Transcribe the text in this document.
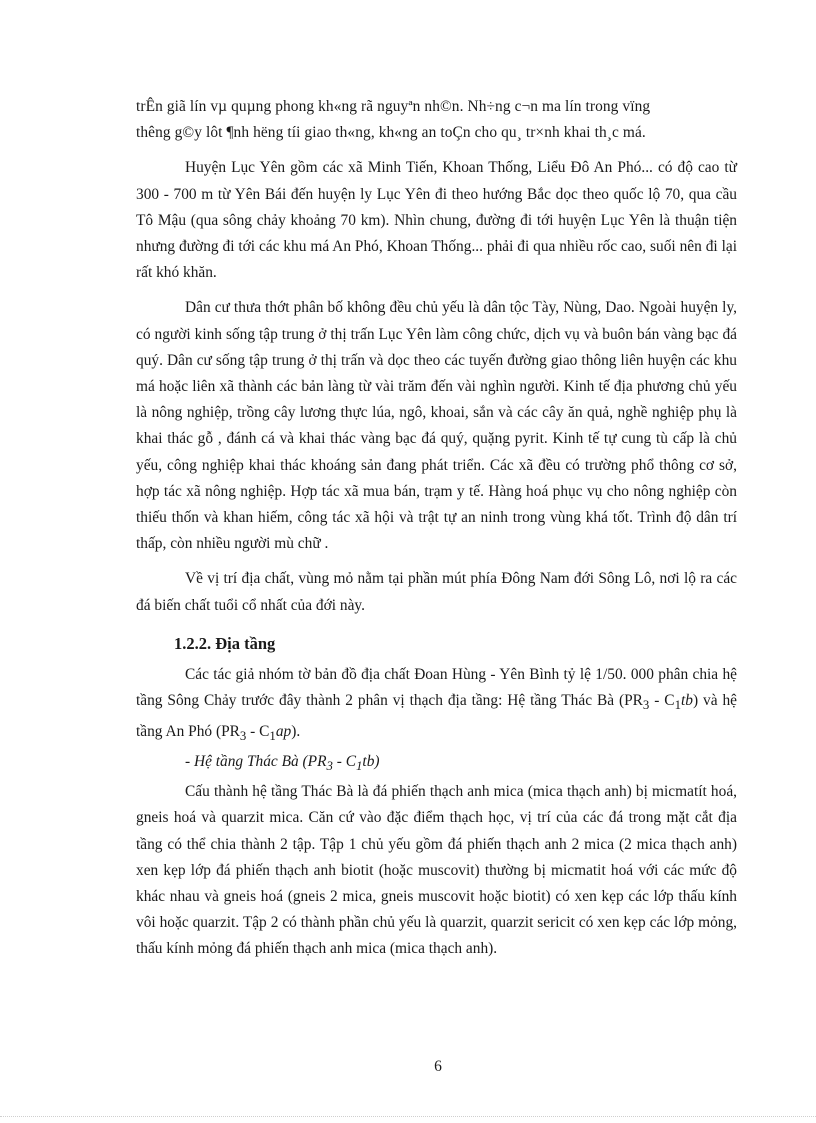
trÊn giã lín vµ quµng phong kh«ng rã nguyªn nh©n. Nh÷ng c¬n ma lín trong vïng
thêng g©y lôt ¶nh hëng tíi giao th«ng, kh«ng an toÇn cho qu¸ tr×nh khai th¸c má.

Huyện Lục Yên gồm các xã Minh Tiến, Khoan Thống, Liểu Đô An Phó... có độ cao từ 300 - 700 m từ Yên Bái đến huyện ly Lục Yên đi theo hướng Bắc dọc theo quốc lộ 70, qua cầu Tô Mậu (qua sông chảy khoảng 70 km). Nhìn chung, đường đi tới huyện Lục Yên là thuận tiện nhưng đường đi tới các khu má An Phó, Khoan Thống... phải đi qua nhiều rốc cao, suối nên đi lại rất khó khăn.

Dân cư thưa thớt phân bố không đều chủ yếu là dân tộc Tày, Nùng, Dao. Ngoài huyện ly, có người kinh sống tập trung ở thị trấn Lục Yên làm công chức, dịch vụ và buôn bán vàng bạc đá quý. Dân cư sống tập trung ở thị trấn và dọc theo các tuyến đường giao thông liên huyện các khu má hoặc liên xã thành các bản làng từ vài trăm đến vài nghìn người. Kinh tế địa phương chủ yếu là nông nghiệp, trồng cây lương thực lúa, ngô, khoai, sắn và các cây ăn quả, nghề nghiệp phụ là khai thác gỗ , đánh cá và khai thác vàng bạc đá quý, quặng pyrit. Kinh tế tự cung tù cấp là chủ yếu, công nghiệp khai thác khoáng sản đang phát triển. Các xã đều có trường phổ thông cơ sở, hợp tác xã nông nghiệp. Hợp tác xã mua bán, trạm y tế. Hàng hoá phục vụ cho nông nghiệp còn thiếu thốn và khan hiếm, công tác xã hội và trật tự an ninh trong vùng khá tốt. Trình độ dân trí thấp, còn nhiều người mù chữ .

Về vị trí địa chất, vùng mỏ nằm tại phần mút phía Đông Nam đới Sông Lô, nơi lộ ra các đá biến chất tuổi cổ nhất của đới này.

1.2.2. Địa tầng

Các tác giả nhóm tờ bản đồ địa chất Đoan Hùng - Yên Bình tỷ lệ 1/50. 000 phân chia hệ tầng Sông Chảy trước đây thành 2 phân vị thạch địa tầng: Hệ tầng Thác Bà $(PR_3 - C_1tb)$ và hệ tầng An Phó $(PR_3 - C_1ap)$.

- Hệ tầng Thác Bà $(PR_3 - C_1tb)$

Cấu thành hệ tầng Thác Bà là đá phiến thạch anh mica (mica thạch anh) bị micmatít hoá, gneis hoá và quarzit mica. Căn cứ vào đặc điểm thạch học, vị trí của các đá trong mặt cắt địa tầng có thể chia thành 2 tập. Tập 1 chủ yếu gồm đá phiến thạch anh 2 mica (2 mica thạch anh) xen kẹp lớp đá phiến thạch anh biotit (hoặc muscovit) thường bị micmatit hoá với các mức độ khác nhau và gneis hoá (gneis 2 mica, gneis muscovit hoặc biotit) có xen kẹp các lớp thấu kính vôi hoặc quarzit. Tập 2 có thành phần chủ yếu là quarzit, quarzit sericit có xen kẹp các lớp mỏng, thấu kính mỏng đá phiến thạch anh mica (mica thạch anh).

6
